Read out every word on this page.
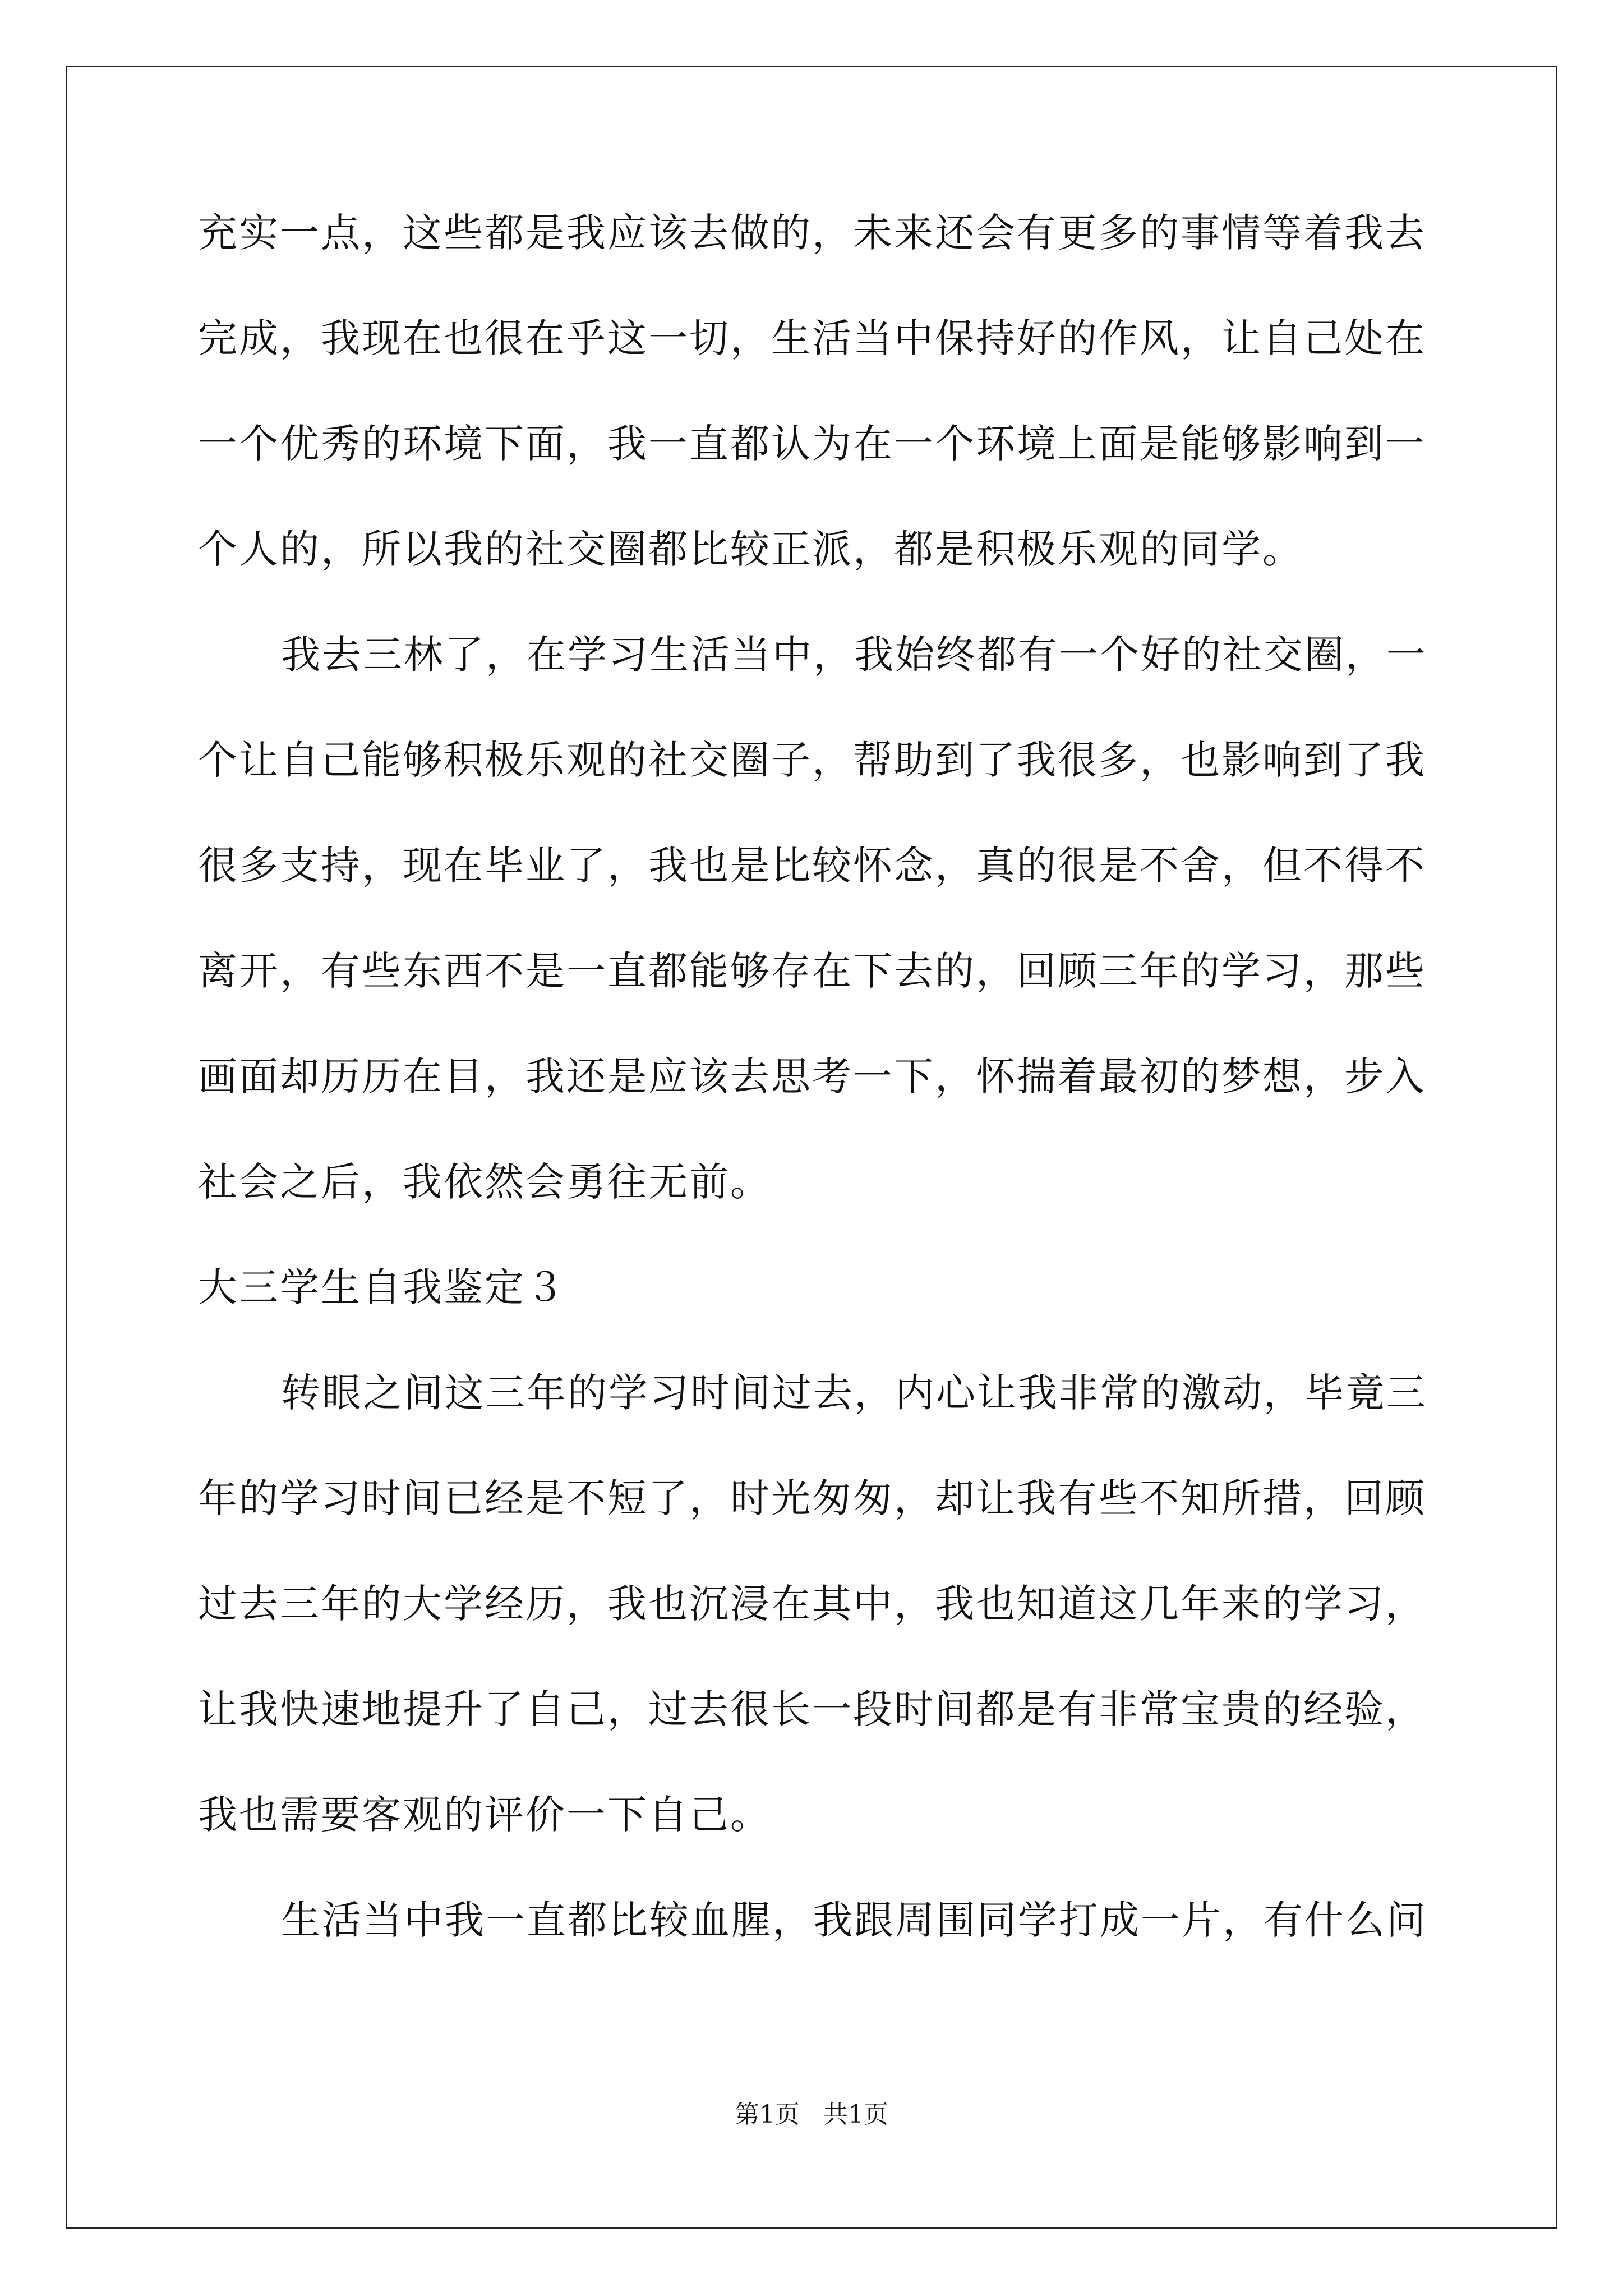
充实一点，这些都是我应该去做的，未来还会有更多的事情等着我去
完成，我现在也很在乎这一切，生活当中保持好的作风，让自己处在
一个优秀的环境下面，我一直都认为在一个环境上面是能够影响到一
个人的，所以我的社交圈都比较正派，都是积极乐观的同学。
我去三林了，在学习生活当中，我始终都有一个好的社交圈，一
个让自己能够积极乐观的社交圈子，帮助到了我很多，也影响到了我
很多支持，现在毕业了，我也是比较怀念，真的很是不舍，但不得不
离开，有些东西不是一直都能够存在下去的，回顾三年的学习，那些
画面却历历在目，我还是应该去思考一下，怀揣着最初的梦想，步入
社会之后，我依然会勇往无前。
大三学生自我鉴定３
转眼之间这三年的学习时间过去，内心让我非常的激动，毕竟三
年的学习时间已经是不短了，时光匆匆，却让我有些不知所措，回顾
过去三年的大学经历，我也沉浸在其中，我也知道这几年来的学习，
让我快速地提升了自己，过去很长一段时间都是有非常宝贵的经验，
我也需要客观的评价一下自己。
生活当中我一直都比较血腥，我跟周围同学打成一片，有什么问
第1页   共1页
